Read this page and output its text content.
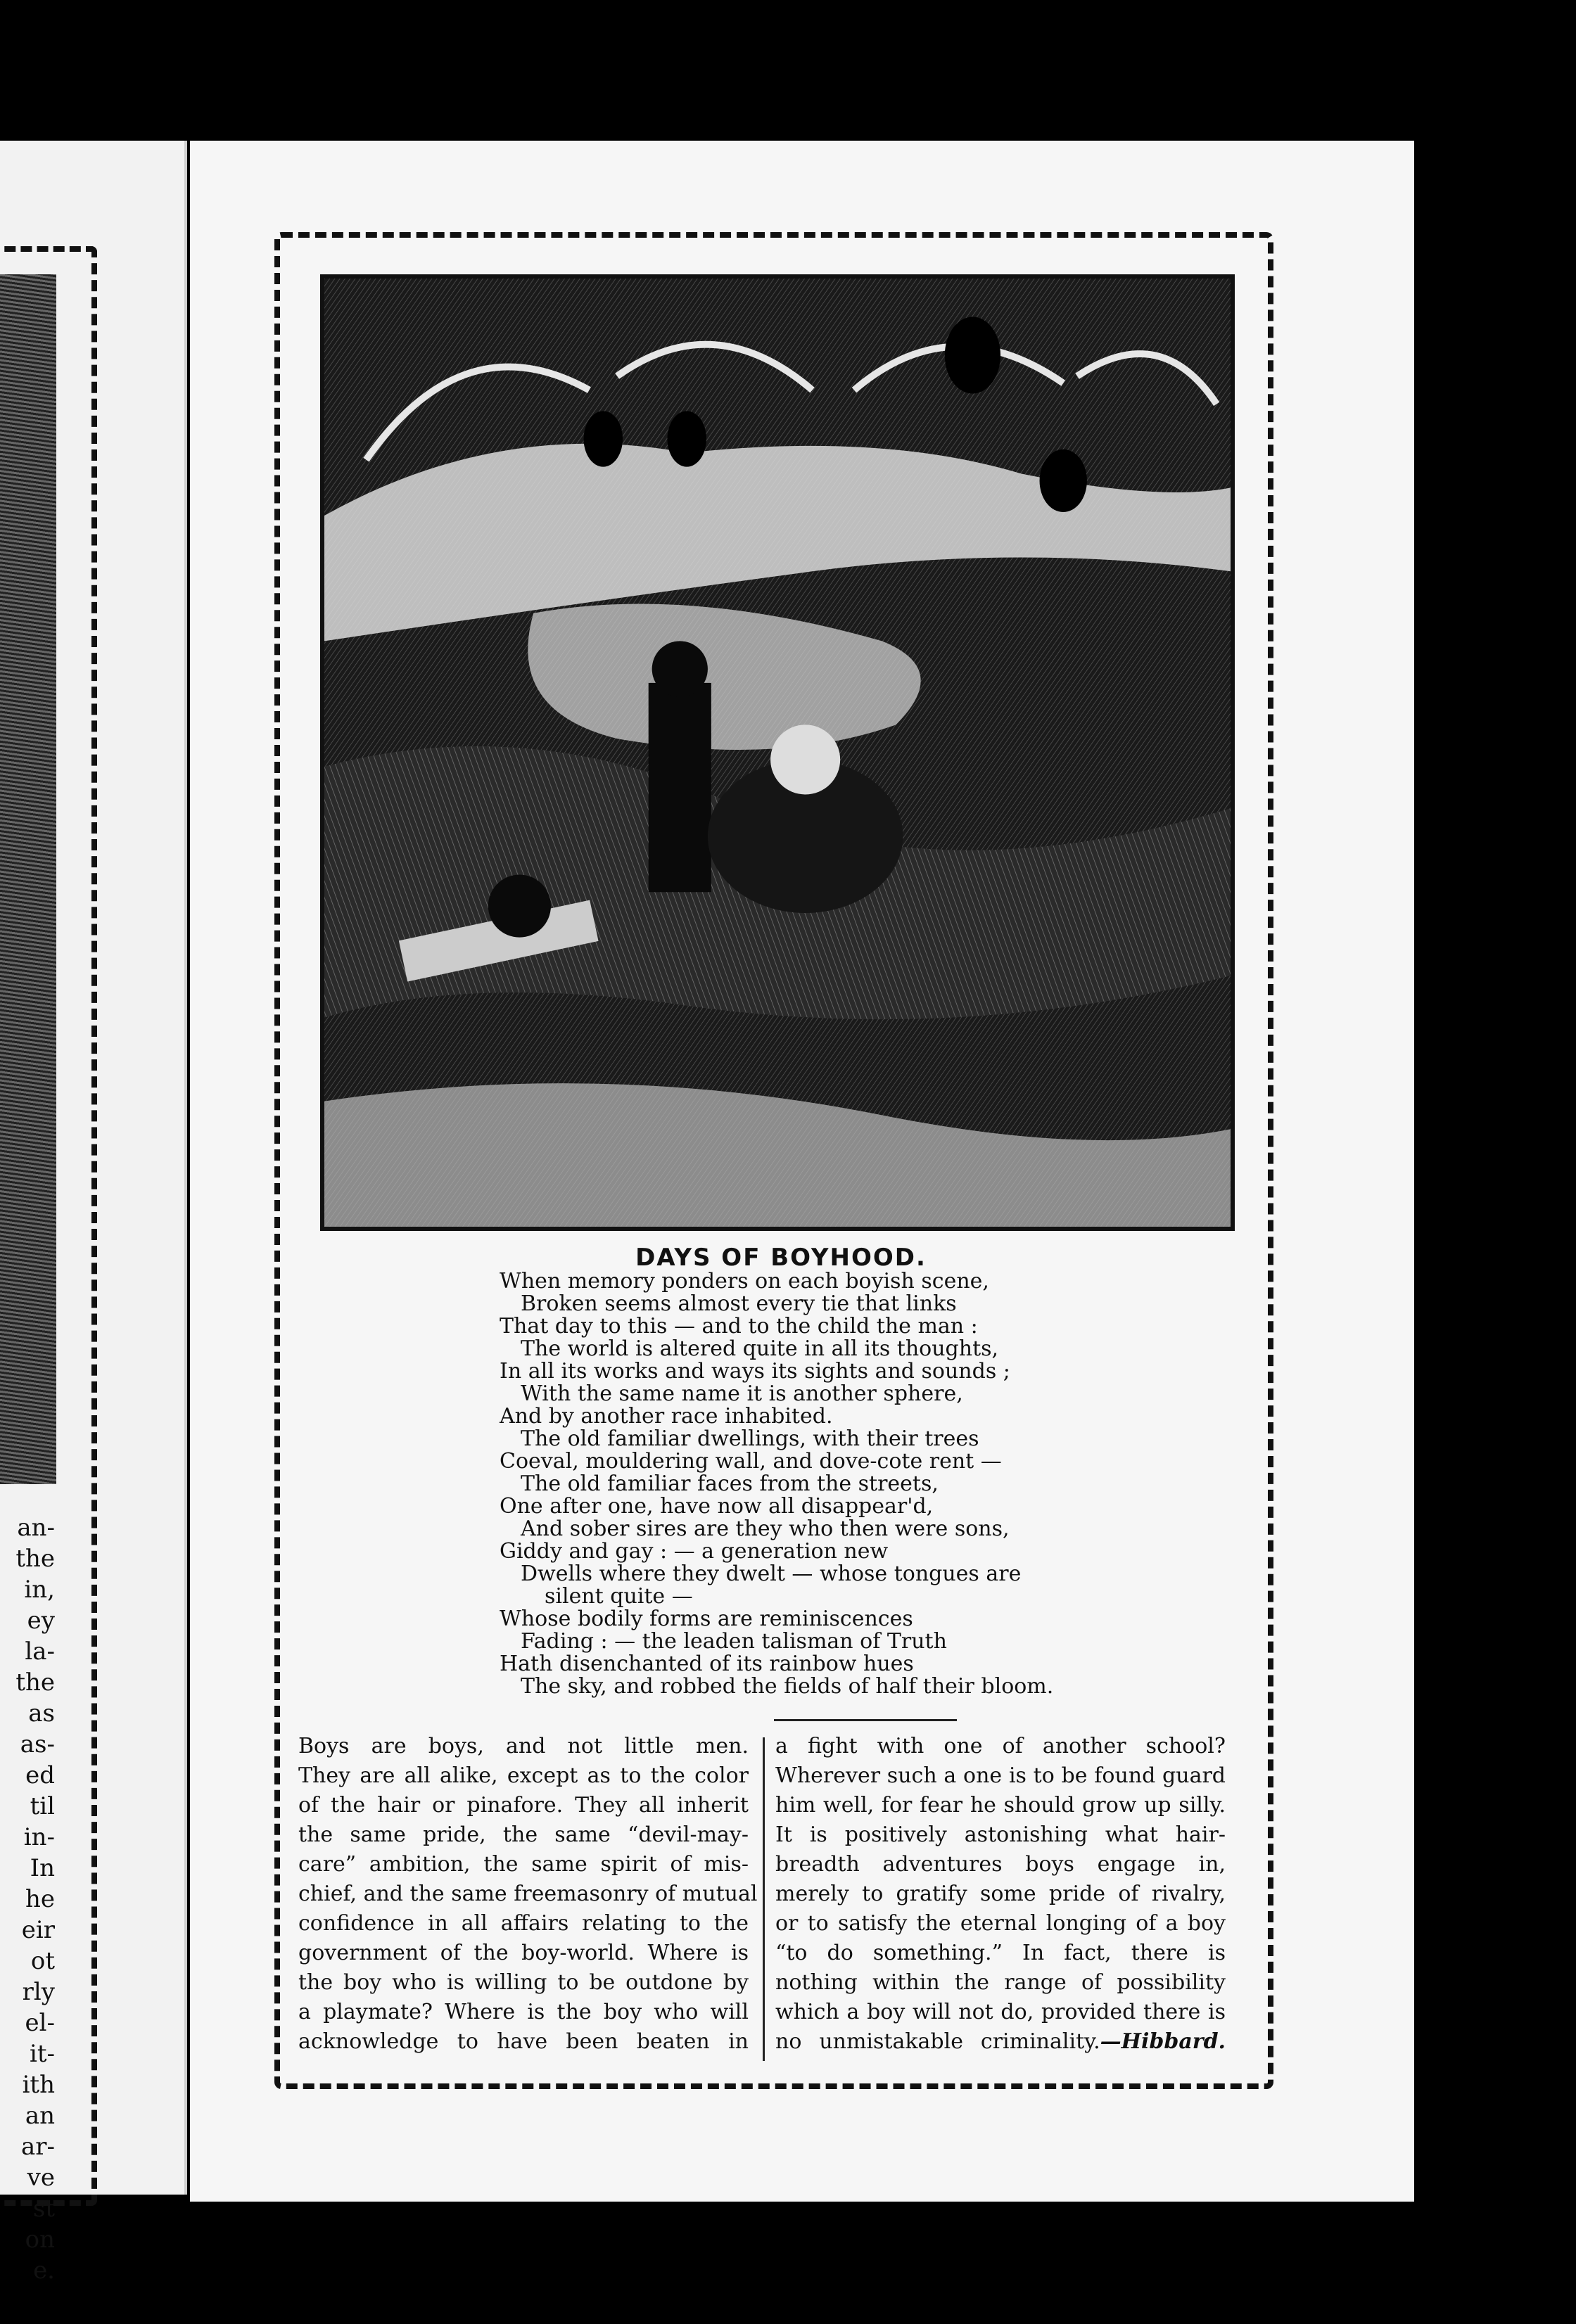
an-
the
in,
ey
la-
the
as
as-
ed
til
in-
In
he
eir
ot
rly
el-
it-
ith
an
ar-
ve
st
on
e.
DAYS OF BOYHOOD.
When memory ponders on each boyish scene,
Broken seems almost every tie that links
That day to this — and to the child the man :
The world is altered quite in all its thoughts,
In all its works and ways its sights and sounds ;
With the same name it is another sphere,
And by another race inhabited.
The old familiar dwellings, with their trees
Coeval, mouldering wall, and dove-cote rent —
The old familiar faces from the streets,
One after one, have now all disappear'd,
And sober sires are they who then were sons,
Giddy and gay : — a generation new
Dwells where they dwelt — whose tongues are
silent quite —
Whose bodily forms are reminiscences
Fading : — the leaden talisman of Truth
Hath disenchanted of its rainbow hues
The sky, and robbed the fields of half their bloom.
Boys are boys, and not little men.
They are all alike, except as to the color
of the hair or pinafore. They all inherit
the same pride, the same “devil-may-
care” ambition, the same spirit of mis-
chief, and the same freemasonry of mutual
confidence in all affairs relating to the
government of the boy-world. Where is
the boy who is willing to be outdone by
a playmate? Where is the boy who will
acknowledge to have been beaten in
a fight with one of another school?
Wherever such a one is to be found guard
him well, for fear he should grow up silly.
It is positively astonishing what hair-
breadth adventures boys engage in,
merely to gratify some pride of rivalry,
or to satisfy the eternal longing of a boy
“to do something.” In fact, there is
nothing within the range of possibility
which a boy will not do, provided there is
no unmistakable criminality.—Hibbard.
